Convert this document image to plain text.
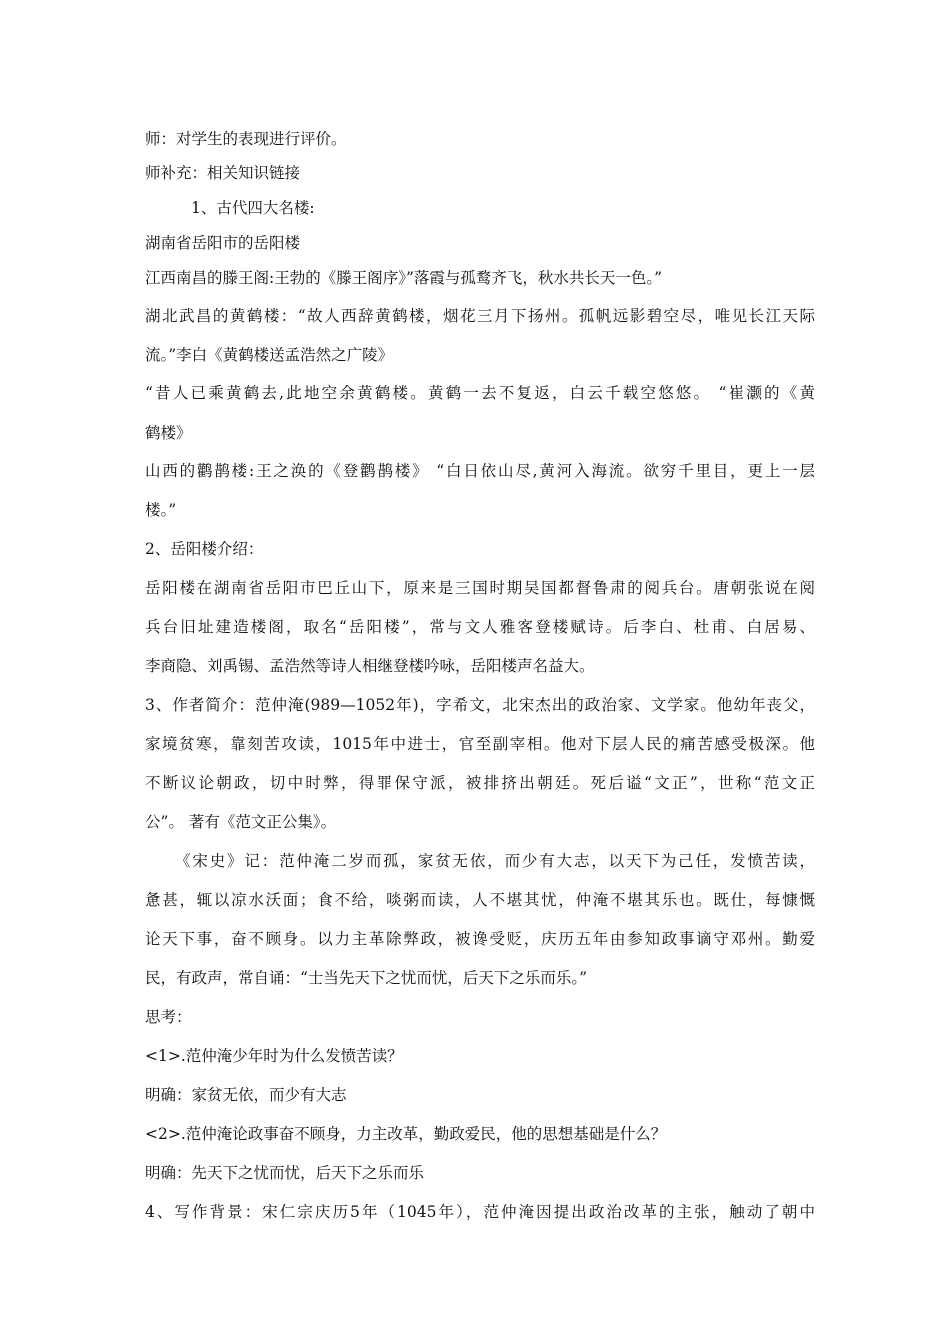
师：对学生的表现进行评价。
师补充：相关知识链接
1、古代四大名楼:
湖南省岳阳市的岳阳楼
江西南昌的滕王阁:王勃的《滕王阁序》”落霞与孤鹜齐飞，秋水共长天一色。”
湖北武昌的黄鹤楼：“故人西辞黄鹤楼，烟花三月下扬州。孤帆远影碧空尽，唯见长江天际
流。”李白《黄鹤楼送孟浩然之广陵》
“昔人已乘黄鹤去,此地空余黄鹤楼。黄鹤一去不复返，白云千载空悠悠。 “崔灏的《黄
鹤楼》
山西的鹳鹊楼:王之涣的《登鹳鹊楼》 “白日依山尽,黄河入海流。欲穷千里目，更上一层
楼。”
2、岳阳楼介绍：
岳阳楼在湖南省岳阳市巴丘山下，原来是三国时期吴国都督鲁肃的阅兵台。唐朝张说在阅
兵台旧址建造楼阁，取名“岳阳楼”，常与文人雅客登楼赋诗。后李白、杜甫、白居易、
李商隐、刘禹锡、孟浩然等诗人相继登楼吟咏，岳阳楼声名益大。
3、作者简介：范仲淹(989—1052年)，字希文，北宋杰出的政治家、文学家。他幼年丧父，
家境贫寒，靠刻苦攻读，1015年中进士，官至副宰相。他对下层人民的痛苦感受极深。他
不断议论朝政，切中时弊，得罪保守派，被排挤出朝廷。死后谥“文正”，世称“范文正
公”。 著有《范文正公集》。
《宋史》记：范仲淹二岁而孤，家贫无依，而少有大志，以天下为己任，发愤苦读，
惫甚，辄以凉水沃面；食不给，啖粥而读，人不堪其忧，仲淹不堪其乐也。既仕，每慷慨
论天下事，奋不顾身。以力主革除弊政，被谗受贬，庆历五年由参知政事谪守邓州。勤爱
民，有政声，常自诵：“士当先天下之忧而忧，后天下之乐而乐。”
思考：
<1>.范仲淹少年时为什么发愤苦读？
明确：家贫无依，而少有大志
<2>.范仲淹论政事奋不顾身，力主改革，勤政爱民，他的思想基础是什么？
明确：先天下之忧而忧，后天下之乐而乐
4、写作背景：宋仁宗庆历5年（1045年），范仲淹因提出政治改革的主张，触动了朝中
